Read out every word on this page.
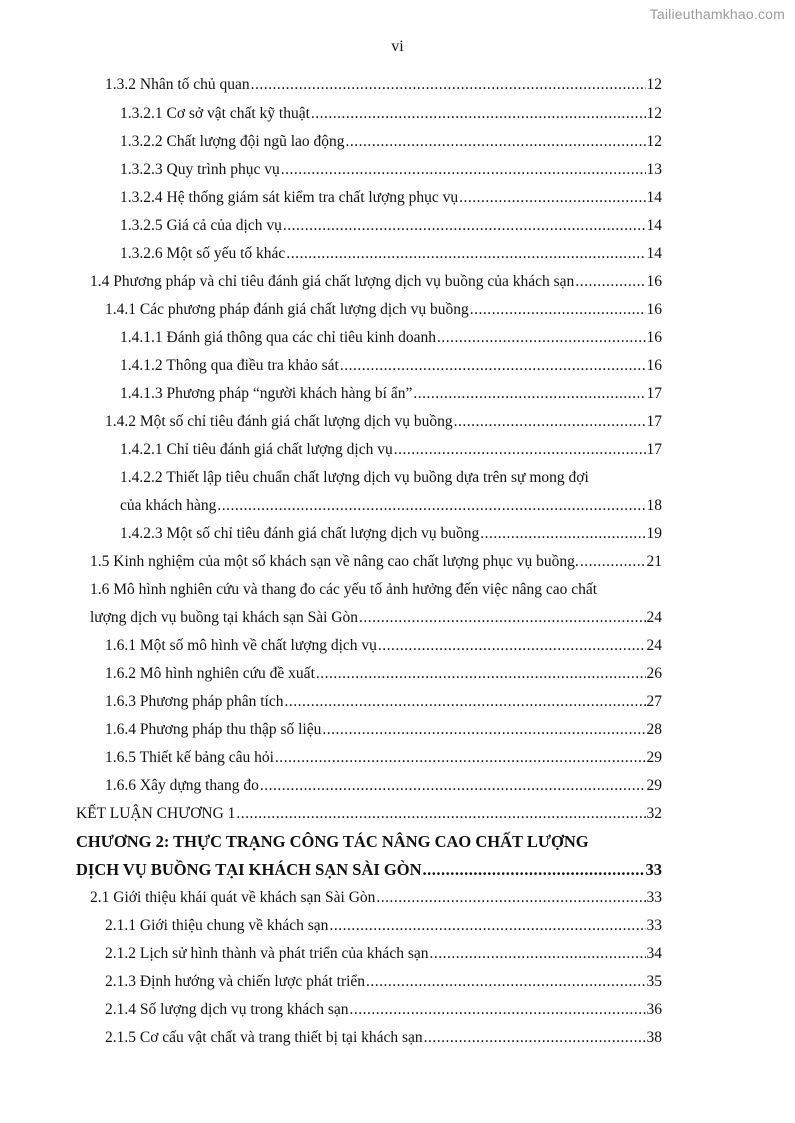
Tailieuthamkhao.com
vi
1.3.2 Nhân tố chủ quan .....	12
1.3.2.1 Cơ sở vật chất kỹ thuật .....	12
1.3.2.2 Chất lượng đội ngũ lao động .....	12
1.3.2.3 Quy trình phục vụ .....	13
1.3.2.4 Hệ thống giám sát kiểm tra chất lượng phục vụ .....	14
1.3.2.5 Giá cả của dịch vụ .....	14
1.3.2.6 Một số yếu tố khác .....	14
1.4 Phương pháp và chỉ tiêu đánh giá chất lượng dịch vụ buồng của khách sạn .....	16
1.4.1 Các phương pháp đánh giá chất lượng dịch vụ buồng .....	16
1.4.1.1 Đánh giá thông qua các chỉ tiêu kinh doanh .....	16
1.4.1.2 Thông qua điều tra khảo sát .....	16
1.4.1.3 Phương pháp “người khách hàng bí ẩn” .....	17
1.4.2 Một số chỉ tiêu đánh giá chất lượng dịch vụ buồng .....	17
1.4.2.1 Chỉ tiêu đánh giá chất lượng dịch vụ .....	17
1.4.2.2 Thiết lập tiêu chuẩn chất lượng dịch vụ buồng dựa trên sự mong đợi
của khách hàng .....	18
1.4.2.3 Một số chỉ tiêu đánh giá chất lượng dịch vụ buồng .....	19
1.5 Kinh nghiệm của một số khách sạn về nâng cao chất lượng phục vụ buồng. .....	21
1.6 Mô hình nghiên cứu và thang đo các yếu tố ảnh hưởng đến việc nâng cao chất
lượng dịch vụ buồng tại khách sạn Sài Gòn .....	24
1.6.1 Một số mô hình về chất lượng dịch vụ .....	24
1.6.2 Mô hình nghiên cứu đề xuất .....	26
1.6.3 Phương pháp phân tích .....	27
1.6.4 Phương pháp thu thập số liệu .....	28
1.6.5 Thiết kế bảng câu hỏi .....	29
1.6.6 Xây dựng thang đo .....	29
KẾT LUẬN CHƯƠNG 1 .....	32
CHƯƠNG 2: THỰC TRẠNG CÔNG TÁC NÂNG CAO CHẤT LƯỢNG
DỊCH VỤ BUỒNG TẠI KHÁCH SẠN SÀI GÒN .....	33
2.1 Giới thiệu khái quát về khách sạn Sài Gòn .....	33
2.1.1 Giới thiệu chung về khách sạn .....	33
2.1.2 Lịch sử hình thành và phát triển của khách sạn .....	34
2.1.3 Định hướng và chiến lược phát triển .....	35
2.1.4 Số lượng dịch vụ trong khách sạn .....	36
2.1.5 Cơ cấu vật chất và trang thiết bị tại khách sạn .....	38
